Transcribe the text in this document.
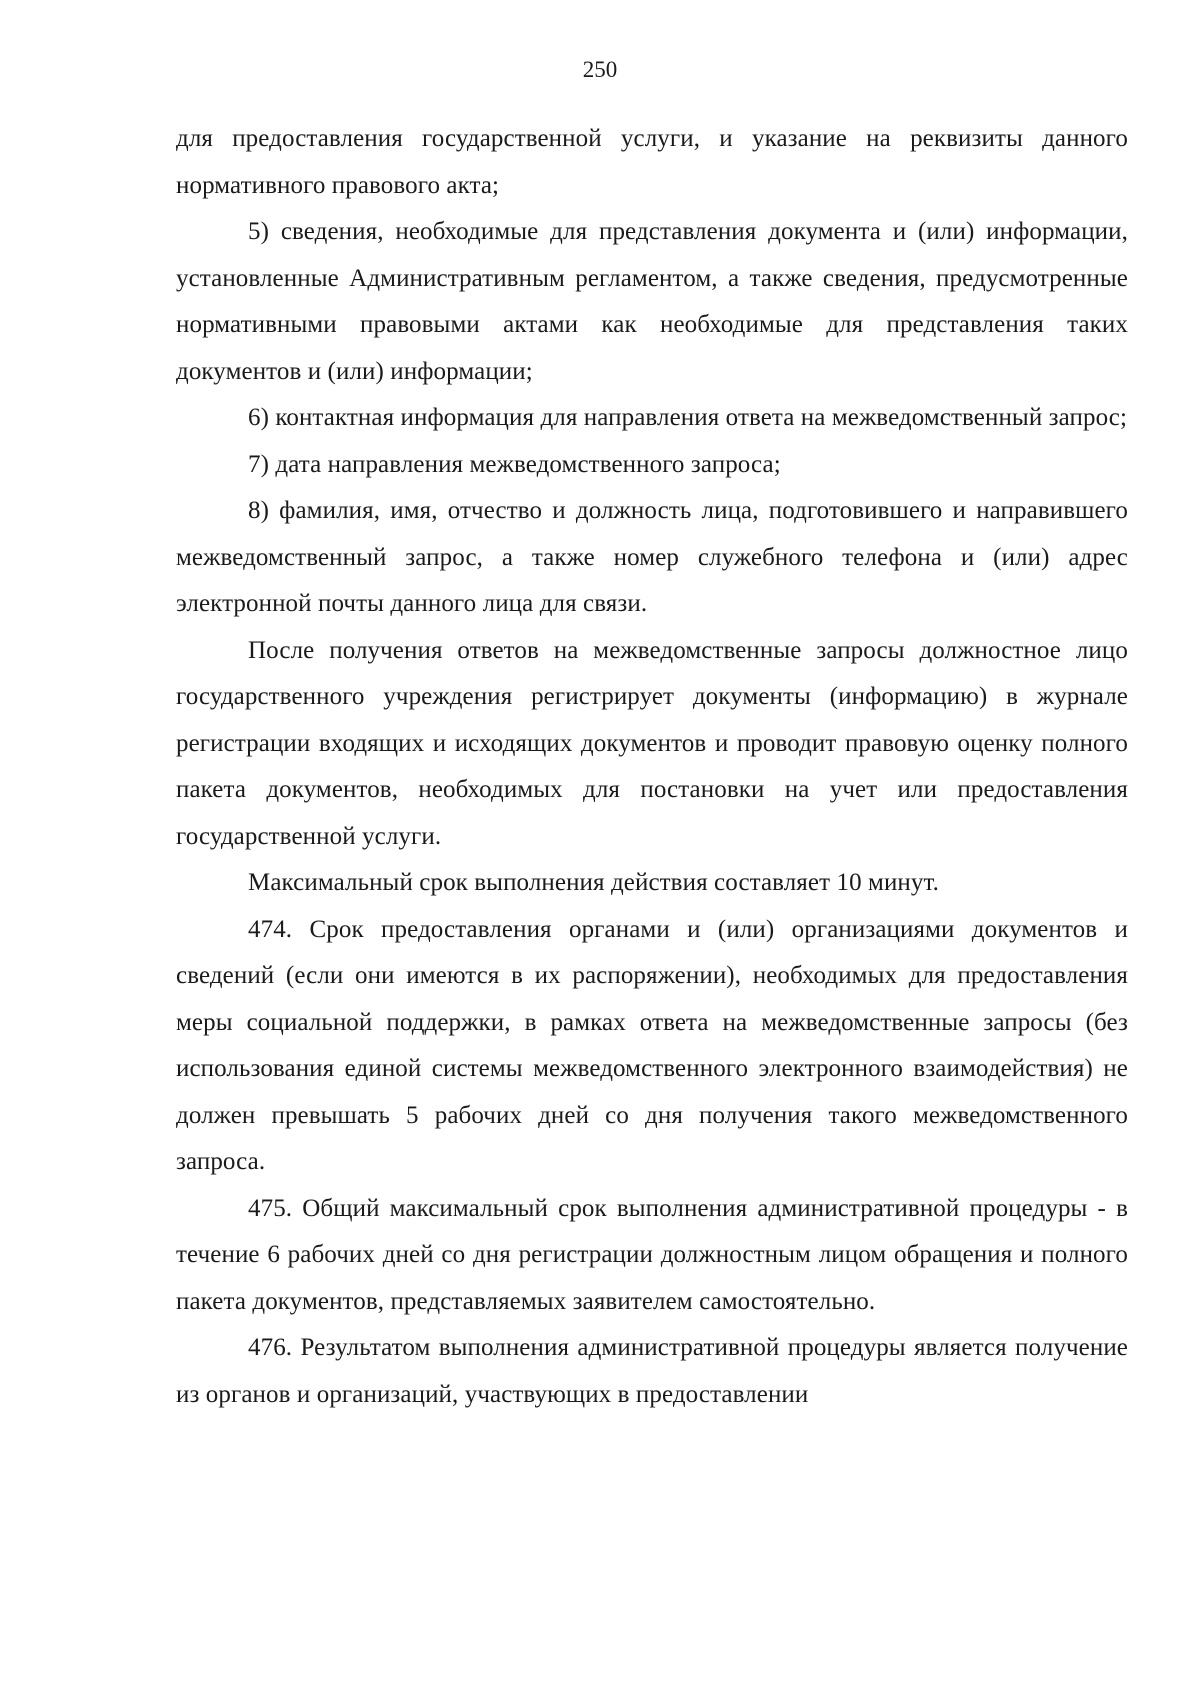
250

для предоставления государственной услуги, и указание на реквизиты данного нормативного правового акта;

5) сведения, необходимые для представления документа и (или) информации, установленные Административным регламентом, а также сведения, предусмотренные нормативными правовыми актами как необходимые для представления таких документов и (или) информации;

6) контактная информация для направления ответа на межведомственный запрос;

7) дата направления межведомственного запроса;

8) фамилия, имя, отчество и должность лица, подготовившего и направившего межведомственный запрос, а также номер служебного телефона и (или) адрес электронной почты данного лица для связи.

После получения ответов на межведомственные запросы должностное лицо государственного учреждения регистрирует документы (информацию) в журнале регистрации входящих и исходящих документов и проводит правовую оценку полного пакета документов, необходимых для постановки на учет или предоставления государственной услуги.

Максимальный срок выполнения действия составляет 10 минут.

474. Срок предоставления органами и (или) организациями документов и сведений (если они имеются в их распоряжении), необходимых для предоставления меры социальной поддержки, в рамках ответа на межведомственные запросы (без использования единой системы межведомственного электронного взаимодействия) не должен превышать 5 рабочих дней со дня получения такого межведомственного запроса.

475. Общий максимальный срок выполнения административной процедуры - в течение 6 рабочих дней со дня регистрации должностным лицом обращения и полного пакета документов, представляемых заявителем самостоятельно.

476. Результатом выполнения административной процедуры является получение из органов и организаций, участвующих в предоставлении
